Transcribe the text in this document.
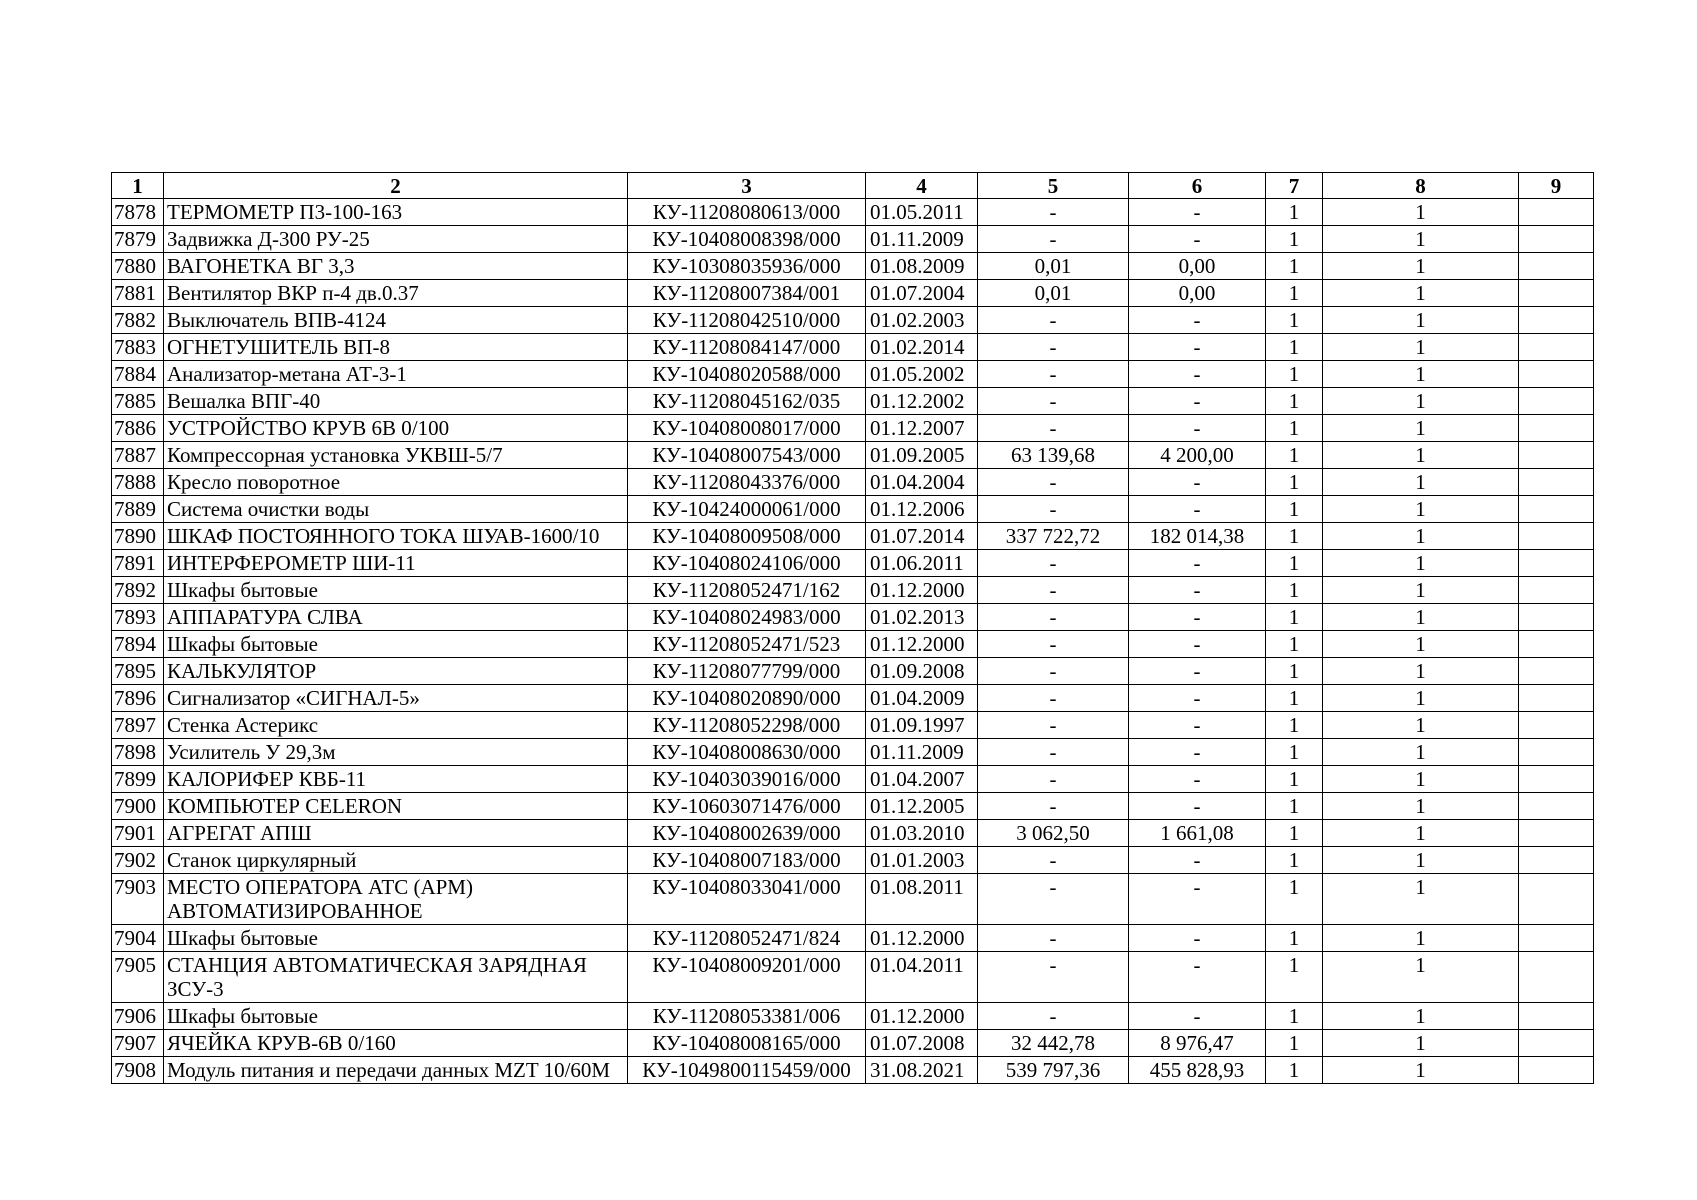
1	2	3	4	5	6	7	8	9
7878	ТЕРМОМЕТР П3-100-163	КУ-11208080613/000	01.05.2011	-	-	1	1	
7879	Задвижка Д-300 РУ-25	КУ-10408008398/000	01.11.2009	-	-	1	1	
7880	ВАГОНЕТКА ВГ 3,3	КУ-10308035936/000	01.08.2009	0,01	0,00	1	1	
7881	Вентилятор ВКР п-4 дв.0.37	КУ-11208007384/001	01.07.2004	0,01	0,00	1	1	
7882	Выключатель ВПВ-4124	КУ-11208042510/000	01.02.2003	-	-	1	1	
7883	ОГНЕТУШИТЕЛЬ ВП-8	КУ-11208084147/000	01.02.2014	-	-	1	1	
7884	Анализатор-метана АТ-3-1	КУ-10408020588/000	01.05.2002	-	-	1	1	
7885	Вешалка ВПГ-40	КУ-11208045162/035	01.12.2002	-	-	1	1	
7886	УСТРОЙСТВО КРУВ 6В 0/100	КУ-10408008017/000	01.12.2007	-	-	1	1	
7887	Компрессорная установка УКВШ-5/7	КУ-10408007543/000	01.09.2005	63 139,68	4 200,00	1	1	
7888	Кресло поворотное	КУ-11208043376/000	01.04.2004	-	-	1	1	
7889	Система очистки воды	КУ-10424000061/000	01.12.2006	-	-	1	1	
7890	ШКАФ ПОСТОЯННОГО ТОКА ШУАВ-1600/10	КУ-10408009508/000	01.07.2014	337 722,72	182 014,38	1	1	
7891	ИНТЕРФЕРОМЕТР ШИ-11	КУ-10408024106/000	01.06.2011	-	-	1	1	
7892	Шкафы бытовые	КУ-11208052471/162	01.12.2000	-	-	1	1	
7893	АППАРАТУРА СЛВА	КУ-10408024983/000	01.02.2013	-	-	1	1	
7894	Шкафы бытовые	КУ-11208052471/523	01.12.2000	-	-	1	1	
7895	КАЛЬКУЛЯТОР	КУ-11208077799/000	01.09.2008	-	-	1	1	
7896	Сигнализатор «СИГНАЛ-5»	КУ-10408020890/000	01.04.2009	-	-	1	1	
7897	Стенка Астерикс	КУ-11208052298/000	01.09.1997	-	-	1	1	
7898	Усилитель У 29,3м	КУ-10408008630/000	01.11.2009	-	-	1	1	
7899	КАЛОРИФЕР КВБ-11	КУ-10403039016/000	01.04.2007	-	-	1	1	
7900	КОМПЬЮТЕР CELERON	КУ-10603071476/000	01.12.2005	-	-	1	1	
7901	АГРЕГАТ АПШ	КУ-10408002639/000	01.03.2010	3 062,50	1 661,08	1	1	
7902	Станок циркулярный	КУ-10408007183/000	01.01.2003	-	-	1	1	
7903	МЕСТО ОПЕРАТОРА АТС (АРМ) АВТОМАТИЗИРОВАННОЕ	КУ-10408033041/000	01.08.2011	-	-	1	1	
7904	Шкафы бытовые	КУ-11208052471/824	01.12.2000	-	-	1	1	
7905	СТАНЦИЯ АВТОМАТИЧЕСКАЯ ЗАРЯДНАЯ ЗСУ-3	КУ-10408009201/000	01.04.2011	-	-	1	1	
7906	Шкафы бытовые	КУ-11208053381/006	01.12.2000	-	-	1	1	
7907	ЯЧЕЙКА КРУВ-6В 0/160	КУ-10408008165/000	01.07.2008	32 442,78	8 976,47	1	1	
7908	Модуль питания и передачи данных MZT 10/60М	КУ-1049800115459/000	31.08.2021	539 797,36	455 828,93	1	1	
